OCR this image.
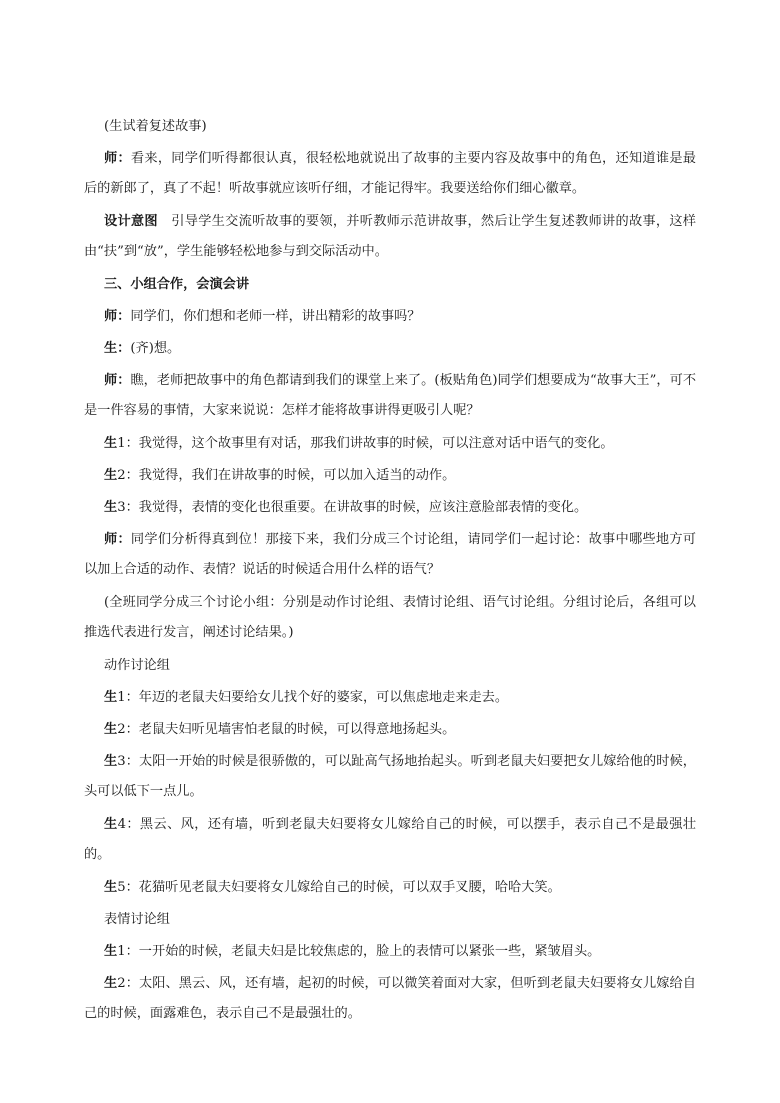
(生试着复述故事)

师：看来，同学们听得都很认真，很轻松地就说出了故事的主要内容及故事中的角色，还知道谁是最后的新郎了，真了不起！听故事就应该听仔细，才能记得牢。我要送给你们细心徽章。

设计意图　引导学生交流听故事的要领，并听教师示范讲故事，然后让学生复述教师讲的故事，这样由“扶”到“放”，学生能够轻松地参与到交际活动中。

三、小组合作，会演会讲

师：同学们，你们想和老师一样，讲出精彩的故事吗？

生：(齐)想。

师：瞧，老师把故事中的角色都请到我们的课堂上来了。(板贴角色)同学们想要成为“故事大王”，可不是一件容易的事情，大家来说说：怎样才能将故事讲得更吸引人呢？

生1：我觉得，这个故事里有对话，那我们讲故事的时候，可以注意对话中语气的变化。

生2：我觉得，我们在讲故事的时候，可以加入适当的动作。

生3：我觉得，表情的变化也很重要。在讲故事的时候，应该注意脸部表情的变化。

师：同学们分析得真到位！那接下来，我们分成三个讨论组，请同学们一起讨论：故事中哪些地方可以加上合适的动作、表情？说话的时候适合用什么样的语气？

(全班同学分成三个讨论小组：分别是动作讨论组、表情讨论组、语气讨论组。分组讨论后，各组可以推选代表进行发言，阐述讨论结果。)

动作讨论组

生1：年迈的老鼠夫妇要给女儿找个好的婆家，可以焦虑地走来走去。

生2：老鼠夫妇听见墙害怕老鼠的时候，可以得意地扬起头。

生3：太阳一开始的时候是很骄傲的，可以趾高气扬地抬起头。听到老鼠夫妇要把女儿嫁给他的时候，头可以低下一点儿。

生4：黑云、风，还有墙，听到老鼠夫妇要将女儿嫁给自己的时候，可以摆手，表示自己不是最强壮的。

生5：花猫听见老鼠夫妇要将女儿嫁给自己的时候，可以双手叉腰，哈哈大笑。

表情讨论组

生1：一开始的时候，老鼠夫妇是比较焦虑的，脸上的表情可以紧张一些，紧皱眉头。

生2：太阳、黑云、风，还有墙，起初的时候，可以微笑着面对大家，但听到老鼠夫妇要将女儿嫁给自己的时候，面露难色，表示自己不是最强壮的。
